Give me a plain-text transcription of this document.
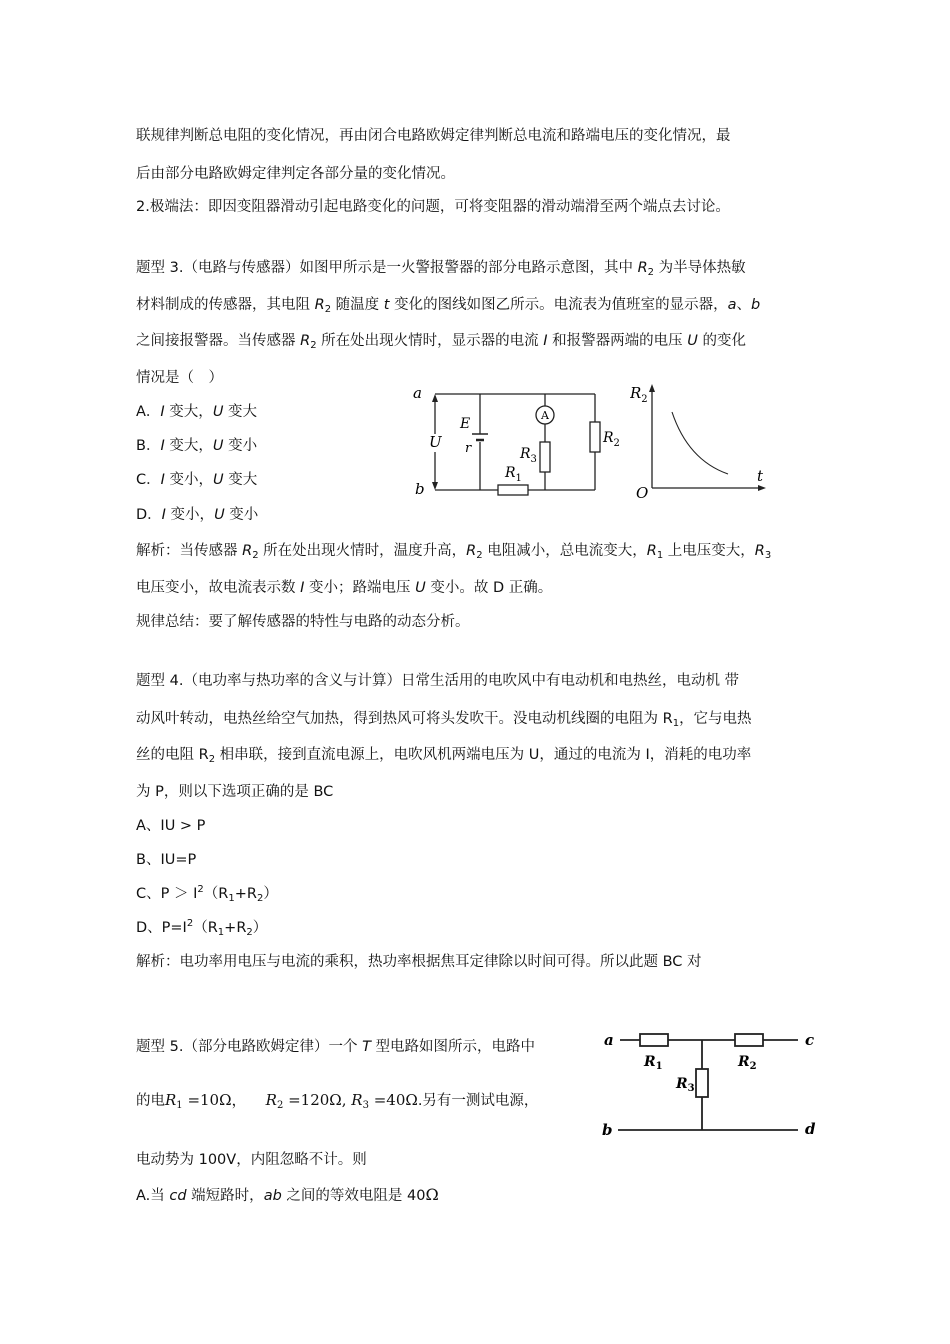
联规律判断总电阻的变化情况，再由闭合电路欧姆定律判断总电流和路端电压的变化情况，最
后由部分电路欧姆定律判定各部分量的变化情况。
2.极端法：即因变阻器滑动引起电路变化的问题，可将变阻器的滑动端滑至两个端点去讨论。
题型 3.（电路与传感器）如图甲所示是一火警报警器的部分电路示意图，其中 $R_2$ 为半导体热敏
材料制成的传感器，其电阻 $R_2$ 随温度 t 变化的图线如图乙所示。电流表为值班室的显示器，a、b
之间接报警器。当传感器 $R_2$ 所在处出现火情时，显示器的电流 I 和报警器两端的电压 U 的变化
情况是（　）
A．I 变大，U 变大
B．I 变大，U 变小
C．I 变小，U 变大
D．I 变小，U 变小
a
b
U
E
r
A
$R_3$
$R_2$
$R_1$
$R_2$
t
O
解析：当传感器 $R_2$ 所在处出现火情时，温度升高，$R_2$ 电阻减小，总电流变大，$R_1$ 上电压变大，$R_3$
电压变小，故电流表示数 I 变小；路端电压 U 变小。故 D 正确。
规律总结：要了解传感器的特性与电路的动态分析。
题型 4.（电功率与热功率的含义与计算）日常生活用的电吹风中有电动机和电热丝，电动机 带
动风叶转动，电热丝给空气加热，得到热风可将头发吹干。没电动机线圈的电阻为 $R_1$，它与电热
丝的电阻 $R_2$ 相串联，接到直流电源上，电吹风机两端电压为 U，通过的电流为 I，消耗的电功率
为 P，则以下选项正确的是 BC
A、IU > P
B、IU=P
C、$P > I^2(R_1+R_2)$
D、$P=I^2(R_1+R_2)$
解析：电功率用电压与电流的乘积，热功率根据焦耳定律除以时间可得。所以此题 BC 对
题型 5.（部分电路欧姆定律）一个 T 型电路如图所示，电路中
的电$R_1 =10\Omega$， $R_2 =120\Omega$, $R_3 =40\Omega$.另有一测试电源，
电动势为 100V，内阻忽略不计。则
A.当 cd 端短路时，ab 之间的等效电阻是 40Ω
a
b
c
d
$R_1$	$R_2$
$R_3$
